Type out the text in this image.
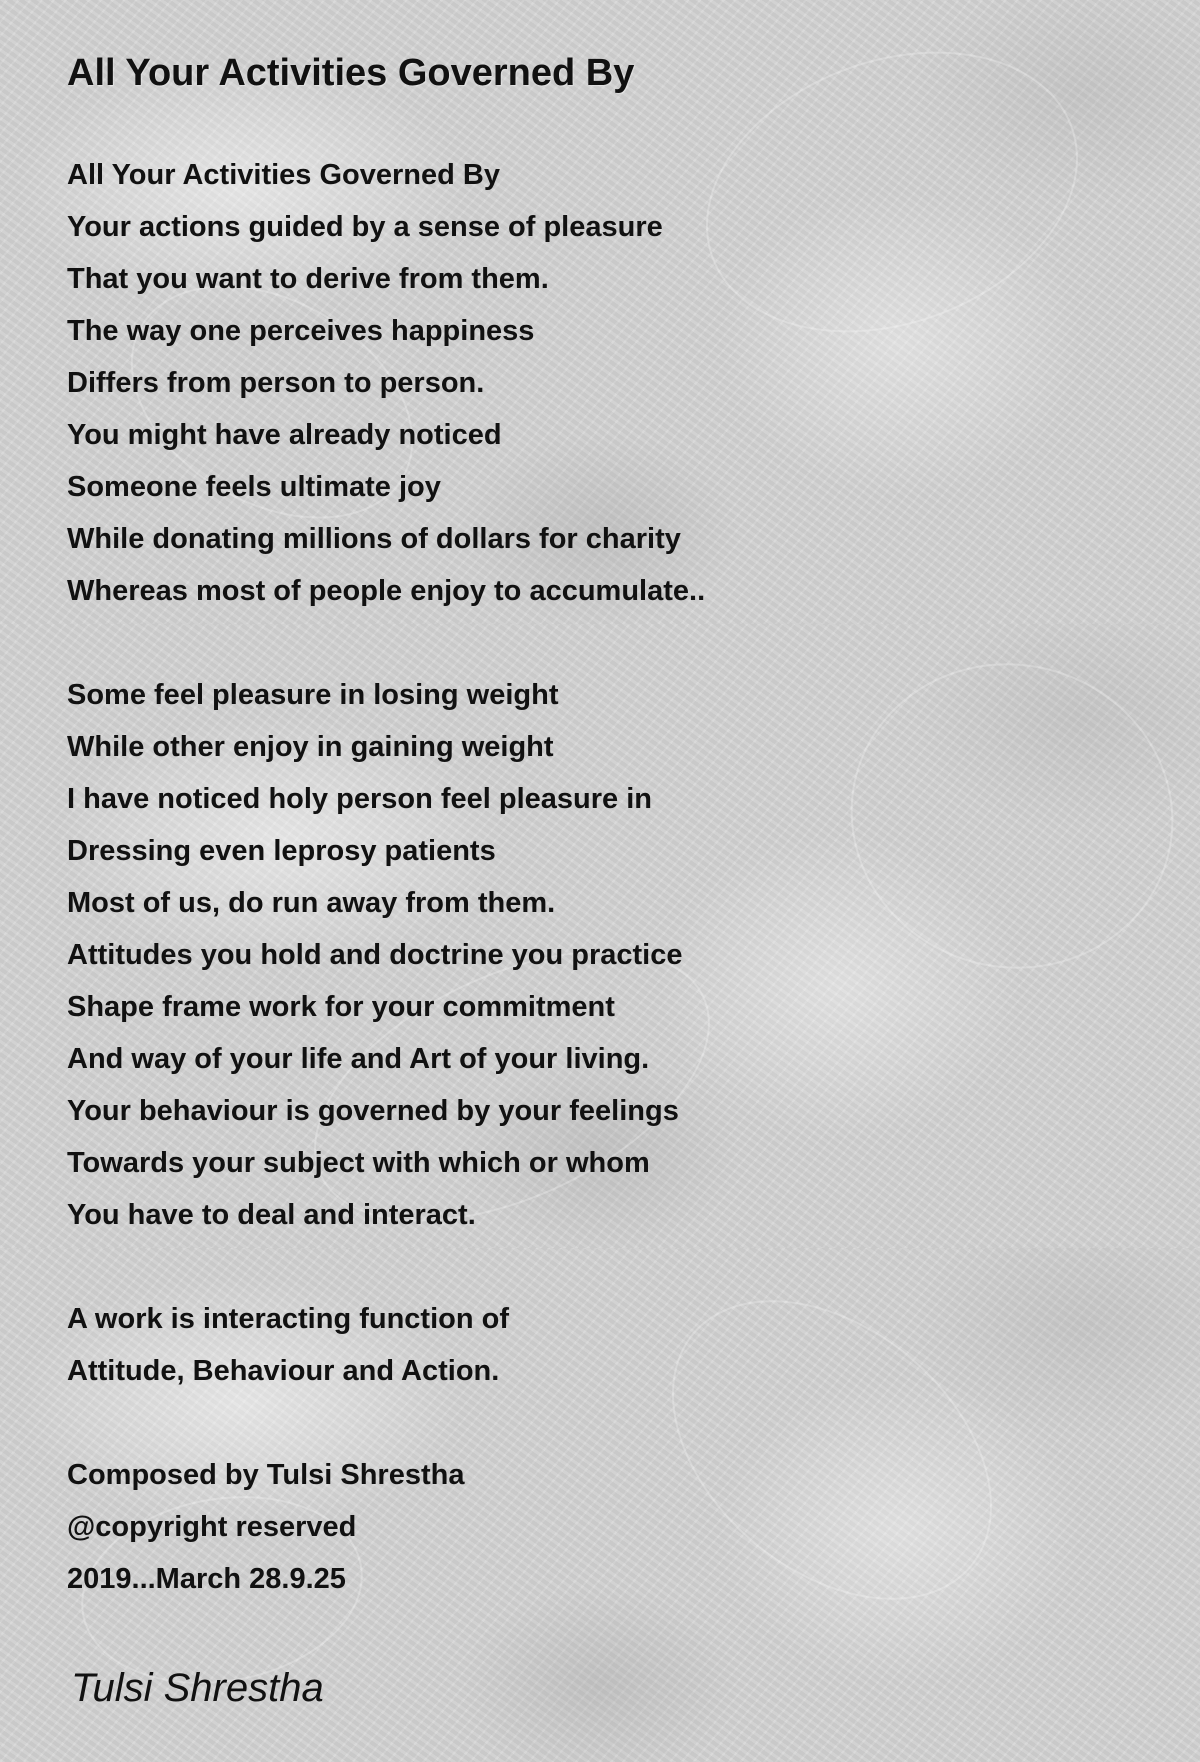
All Your Activities Governed By
All Your Activities Governed By
Your actions guided by a sense of pleasure
That you want to derive from them.
The way one perceives happiness
Differs from person to person.
You might have already noticed
Someone feels ultimate joy
While donating millions of dollars for charity
Whereas most of people enjoy to accumulate..
Some feel pleasure in losing weight
While other enjoy in gaining weight
I have noticed holy person feel pleasure in
Dressing even leprosy patients
Most of us, do run away from them.
Attitudes you hold and doctrine you practice
Shape frame work for your commitment
And way of your life and Art of your living.
Your behaviour is governed by your feelings
Towards your subject with which or whom
You have to deal and interact.
A work is interacting function of
Attitude, Behaviour and Action.
Composed by Tulsi Shrestha
@copyright reserved
2019...March 28.9.25
Tulsi Shrestha
